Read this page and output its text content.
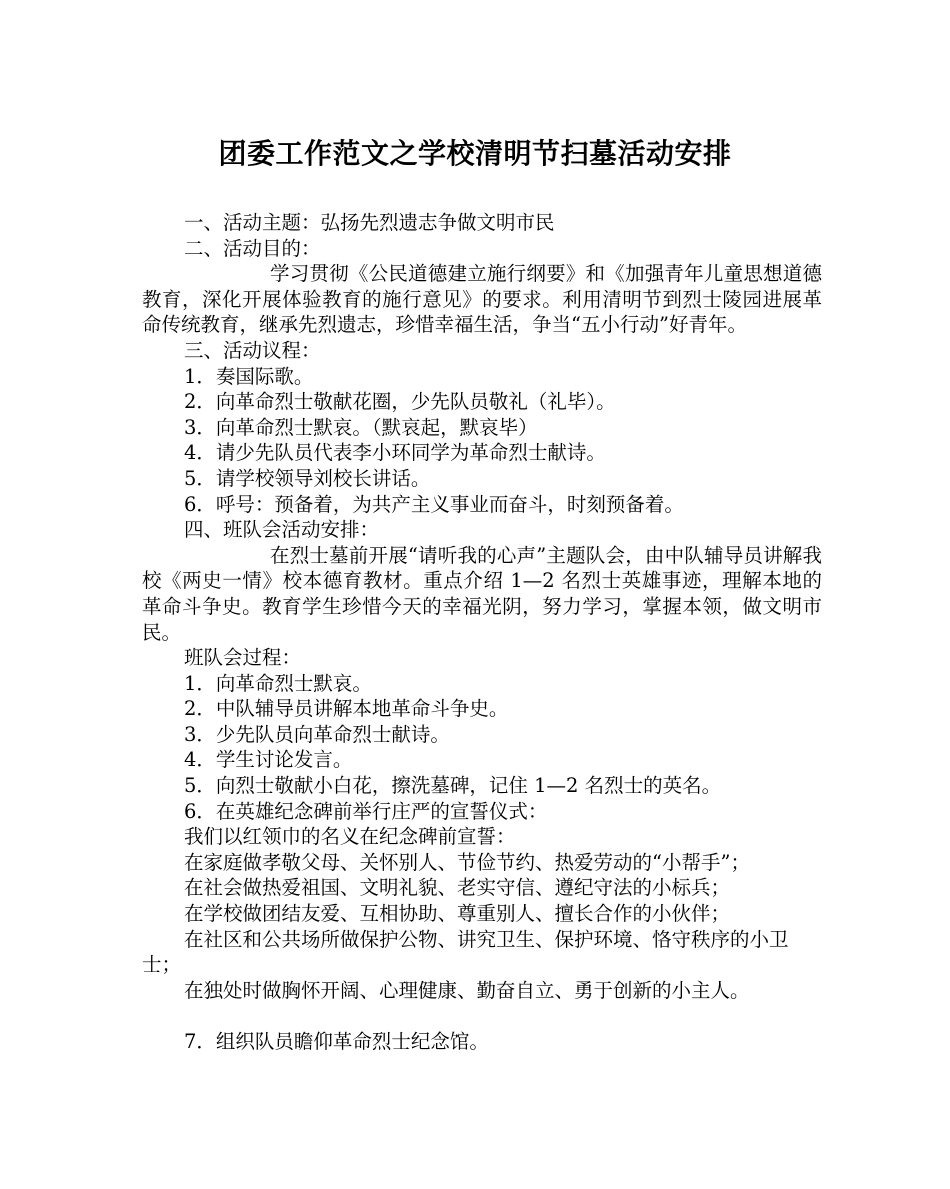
团委工作范文之学校清明节扫墓活动安排
一、活动主题：弘扬先烈遗志争做文明市民
二、活动目的：
学习贯彻《公民道德建立施行纲要》和《加强青年儿童思想道德教育，深化开展体验教育的施行意见》的要求。利用清明节到烈士陵园进展革命传统教育，继承先烈遗志，珍惜幸福生活，争当“五小行动”好青年。
三、活动议程：
1．奏国际歌。
2．向革命烈士敬献花圈，少先队员敬礼（礼毕）。
3．向革命烈士默哀。（默哀起，默哀毕）
4．请少先队员代表李小环同学为革命烈士献诗。
5．请学校领导刘校长讲话。
6．呼号：预备着，为共产主义事业而奋斗，时刻预备着。
四、班队会活动安排：
在烈士墓前开展“请听我的心声”主题队会，由中队辅导员讲解我校《两史一情》校本德育教材。重点介绍 1—2 名烈士英雄事迹，理解本地的革命斗争史。教育学生珍惜今天的幸福光阴，努力学习，掌握本领，做文明市民。
班队会过程：
1．向革命烈士默哀。
2．中队辅导员讲解本地革命斗争史。
3．少先队员向革命烈士献诗。
4．学生讨论发言。
5．向烈士敬献小白花，擦洗墓碑，记住 1—2 名烈士的英名。
6．在英雄纪念碑前举行庄严的宣誓仪式：
我们以红领巾的名义在纪念碑前宣誓：
在家庭做孝敬父母、关怀别人、节俭节约、热爱劳动的“小帮手”；
在社会做热爱祖国、文明礼貌、老实守信、遵纪守法的小标兵；
在学校做团结友爱、互相协助、尊重别人、擅长合作的小伙伴；
在社区和公共场所做保护公物、讲究卫生、保护环境、恪守秩序的小卫士；
在独处时做胸怀开阔、心理健康、勤奋自立、勇于创新的小主人。
7．组织队员瞻仰革命烈士纪念馆。
